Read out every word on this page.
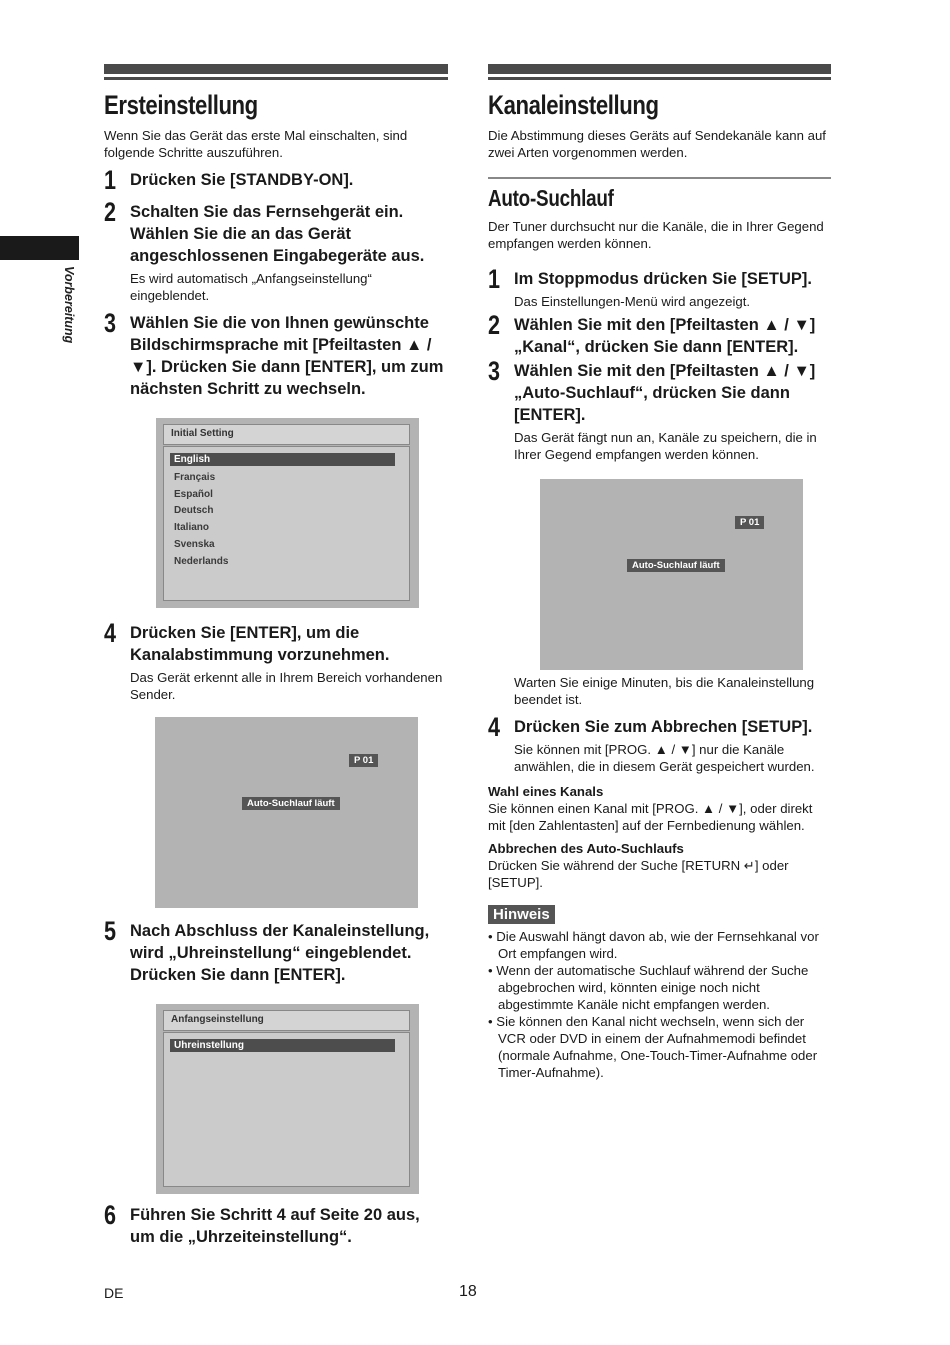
Vorbereitung
Ersteinstellung

Wenn Sie das Gerät das erste Mal einschalten, sind folgende Schritte auszuführen.

1 Drücken Sie [STANDBY-ON].
2 Schalten Sie das Fernsehgerät ein. Wählen Sie die an das Gerät angeschlossenen Eingabegeräte aus.
Es wird automatisch „Anfangseinstellung“ eingeblendet.
3 Wählen Sie die von Ihnen gewünschte Bildschirmsprache mit [Pfeiltasten ▲ / ▼]. Drücken Sie dann [ENTER], um zum nächsten Schritt zu wechseln.
Initial Setting
English
Français
Español
Deutsch
Italiano
Svenska
Nederlands
4 Drücken Sie [ENTER], um die Kanalabstimmung vorzunehmen.
Das Gerät erkennt alle in Ihrem Bereich vorhandenen Sender.
P 01
Auto-Suchlauf läuft
5 Nach Abschluss der Kanaleinstellung, wird „Uhreinstellung“ eingeblendet. Drücken Sie dann [ENTER].
Anfangseinstellung
Uhreinstellung
6 Führen Sie Schritt 4 auf Seite 20 aus, um die „Uhrzeiteinstellung“.
Kanaleinstellung

Die Abstimmung dieses Geräts auf Sendekanäle kann auf zwei Arten vorgenommen werden.

Auto-Suchlauf

Der Tuner durchsucht nur die Kanäle, die in Ihrer Gegend empfangen werden können.

1 Im Stoppmodus drücken Sie [SETUP].
Das Einstellungen-Menü wird angezeigt.
2 Wählen Sie mit den [Pfeiltasten ▲ / ▼] „Kanal“, drücken Sie dann [ENTER].
3 Wählen Sie mit den [Pfeiltasten ▲ / ▼] „Auto-Suchlauf“, drücken Sie dann [ENTER].
Das Gerät fängt nun an, Kanäle zu speichern, die in Ihrer Gegend empfangen werden können.
P 01
Auto-Suchlauf läuft

Warten Sie einige Minuten, bis die Kanaleinstellung beendet ist.

4 Drücken Sie zum Abbrechen [SETUP].
Sie können mit [PROG. ▲ / ▼] nur die Kanäle anwählen, die in diesem Gerät gespeichert wurden.
Wahl eines Kanals

Sie können einen Kanal mit [PROG. ▲ / ▼], oder direkt mit [den Zahlentasten] auf der Fernbedienung wählen.

Abbrechen des Auto-Suchlaufs

Drücken Sie während der Suche [RETURN ↵] oder [SETUP].

Hinweis
• Die Auswahl hängt davon ab, wie der Fernsehkanal vor Ort empfangen wird.
• Wenn der automatische Suchlauf während der Suche abgebrochen wird, könnten einige noch nicht abgestimmte Kanäle nicht empfangen werden.
• Sie können den Kanal nicht wechseln, wenn sich der VCR oder DVD in einem der Aufnahmemodi befindet (normale Aufnahme, One-Touch-Timer-Aufnahme oder Timer-Aufnahme).
DE	18
